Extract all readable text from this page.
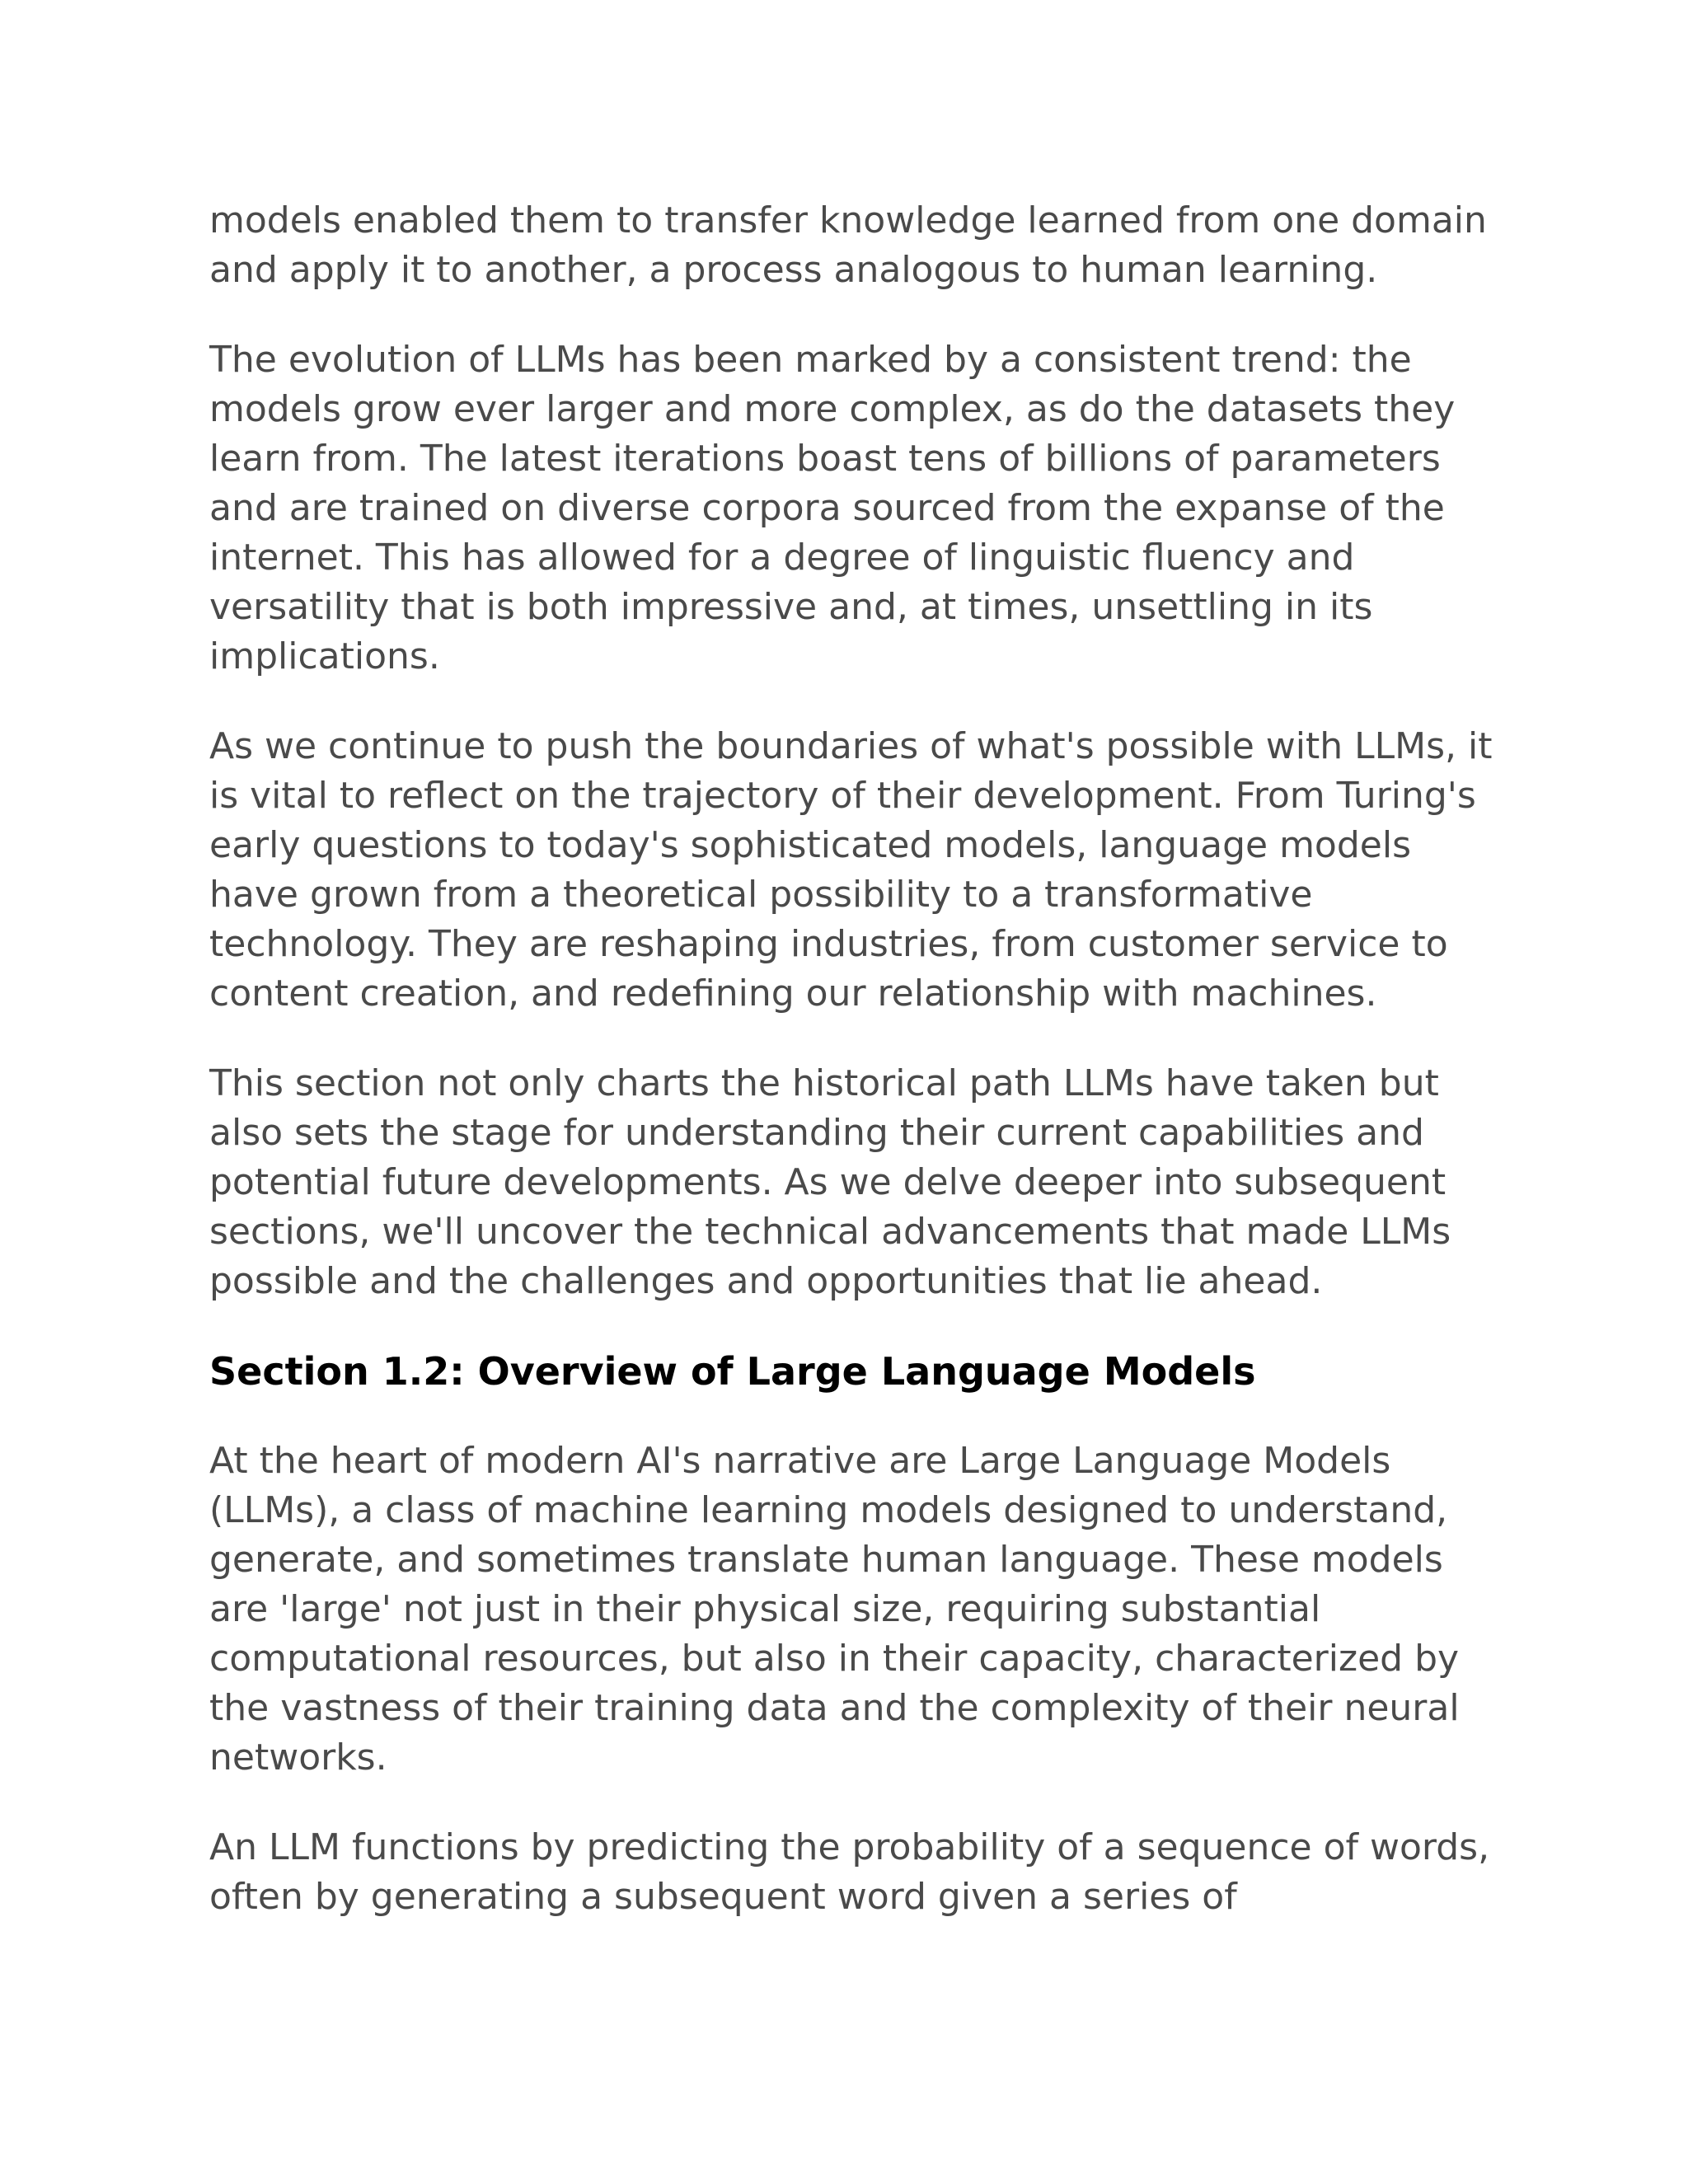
models enabled them to transfer knowledge learned from one domain and apply it to another, a process analogous to human learning.

The evolution of LLMs has been marked by a consistent trend: the models grow ever larger and more complex, as do the datasets they learn from. The latest iterations boast tens of billions of parameters and are trained on diverse corpora sourced from the expanse of the internet. This has allowed for a degree of linguistic fluency and versatility that is both impressive and, at times, unsettling in its implications.

As we continue to push the boundaries of what's possible with LLMs, it is vital to reflect on the trajectory of their development. From Turing's early questions to today's sophisticated models, language models have grown from a theoretical possibility to a transformative technology. They are reshaping industries, from customer service to content creation, and redefining our relationship with machines.

This section not only charts the historical path LLMs have taken but also sets the stage for understanding their current capabilities and potential future developments. As we delve deeper into subsequent sections, we'll uncover the technical advancements that made LLMs possible and the challenges and opportunities that lie ahead.

Section 1.2: Overview of Large Language Models

At the heart of modern AI's narrative are Large Language Models (LLMs), a class of machine learning models designed to understand, generate, and sometimes translate human language. These models are 'large' not just in their physical size, requiring substantial computational resources, but also in their capacity, characterized by the vastness of their training data and the complexity of their neural networks.

An LLM functions by predicting the probability of a sequence of words, often by generating a subsequent word given a series of
